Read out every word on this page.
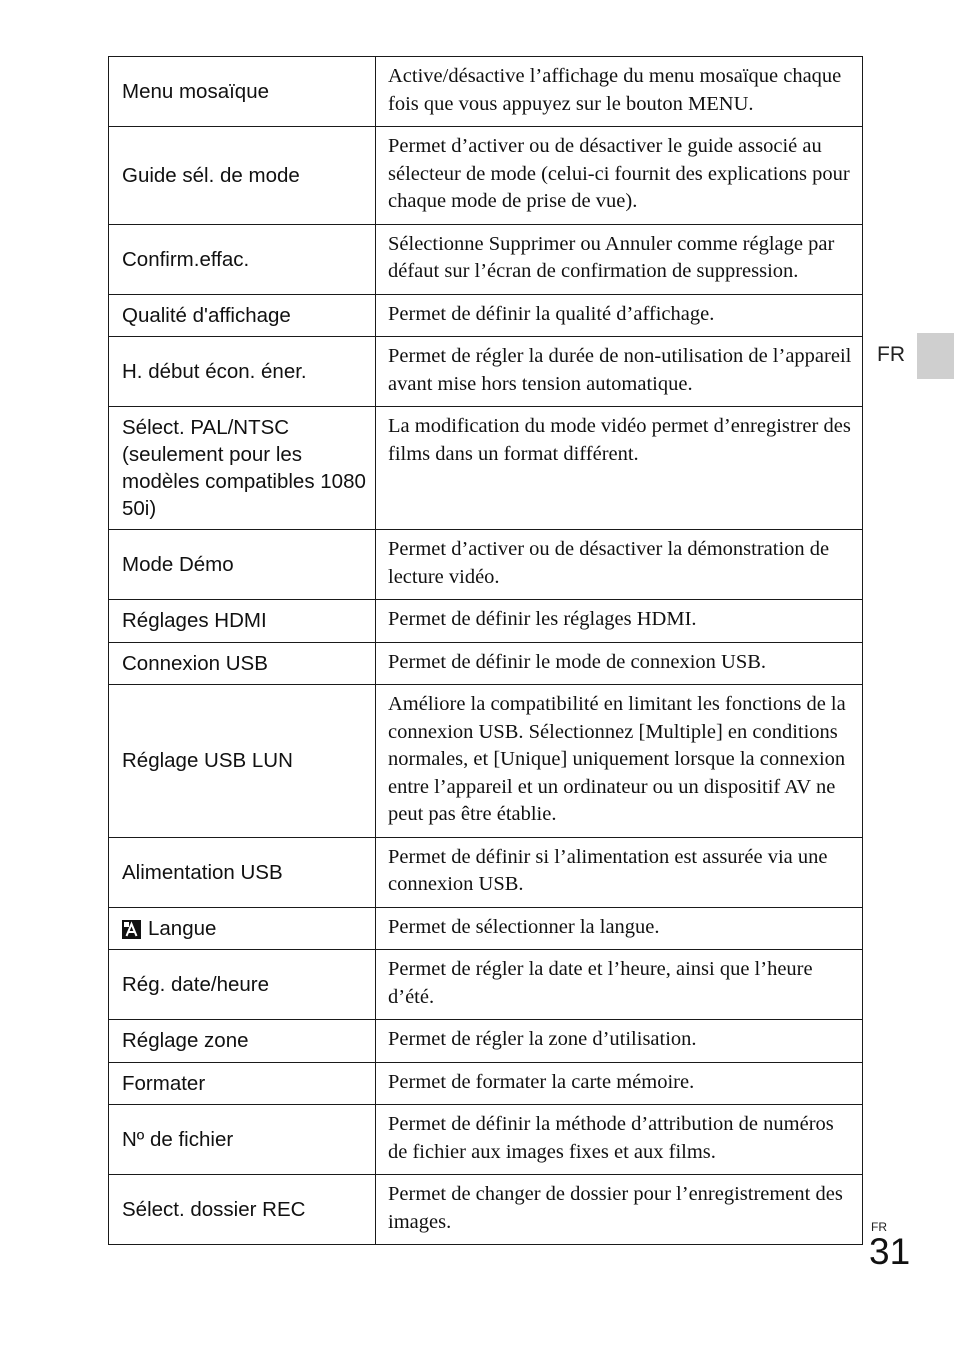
Menu mosaïque	Active/désactive l’affichage du menu mosaïque chaque fois que vous appuyez sur le bouton MENU.
Guide sél. de mode	Permet d’activer ou de désactiver le guide associé au sélecteur de mode (celui-ci fournit des explications pour chaque mode de prise de vue).
Confirm.effac.	Sélectionne Supprimer ou Annuler comme réglage par défaut sur l’écran de confirmation de suppression.
Qualité d'affichage	Permet de définir la qualité d’affichage.
H. début écon. éner.	Permet de régler la durée de non-utilisation de l’appareil avant mise hors tension automatique.
Sélect. PAL/NTSC (seulement pour les modèles compatibles 1080 50i)	La modification du mode vidéo permet d’enregistrer des films dans un format différent.
Mode Démo	Permet d’activer ou de désactiver la démonstration de lecture vidéo.
Réglages HDMI	Permet de définir les réglages HDMI.
Connexion USB	Permet de définir le mode de connexion USB.
Réglage USB LUN	Améliore la compatibilité en limitant les fonctions de la connexion USB. Sélectionnez [Multiple] en conditions normales, et [Unique] uniquement lorsque la connexion entre l’appareil et un ordinateur ou un dispositif AV ne peut pas être établie.
Alimentation USB	Permet de définir si l’alimentation est assurée via une connexion USB.

Langue	Permet de sélectionner la langue.
Rég. date/heure	Permet de régler la date et l’heure, ainsi que l’heure d’été.
Réglage zone	Permet de régler la zone d’utilisation.
Formater	Permet de formater la carte mémoire.
Nº de fichier	Permet de définir la méthode d’attribution de numéros de fichier aux images fixes et aux films.
Sélect. dossier REC	Permet de changer de dossier pour l’enregistrement des images.
FR
FR
31
